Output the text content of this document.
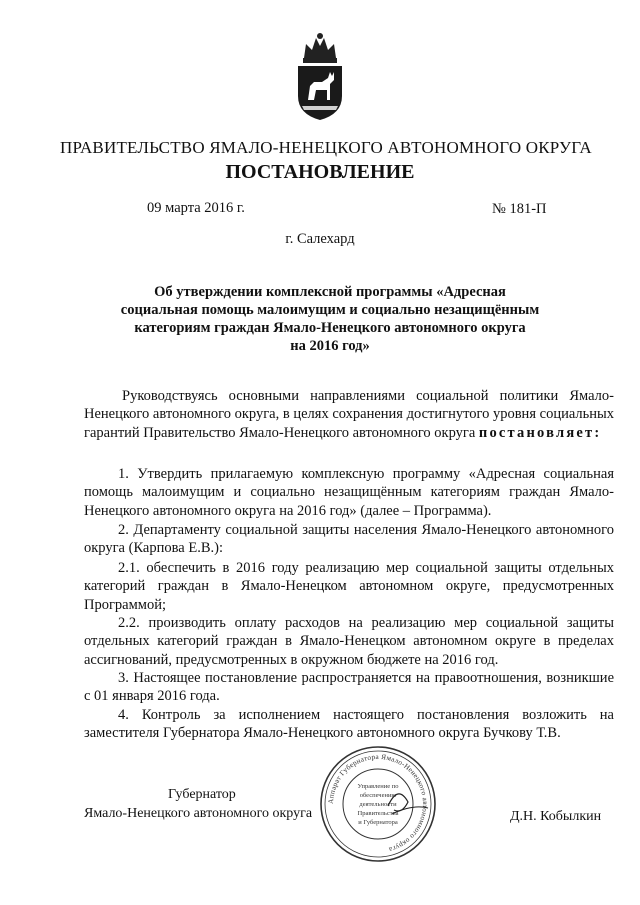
ПРАВИТЕЛЬСТВО ЯМАЛО-НЕНЕЦКОГО АВТОНОМНОГО ОКРУГА
ПОСТАНОВЛЕНИЕ
09 марта 2016 г.	№ 181-П
г. Салехард
Об утверждении комплексной программы «Адресная
социальная помощь малоимущим и социально незащищённым
категориям граждан Ямало-Ненецкого автономного округа
на 2016 год»
Руководствуясь основными направлениями социальной политики Ямало-Ненецкого автономного округа, в целях сохранения достигнутого уровня социальных гарантий Правительство Ямало-Ненецкого автономного округа постановляет:
1. Утвердить прилагаемую комплексную программу «Адресная социальная помощь малоимущим и социально незащищённым категориям граждан Ямало-Ненецкого автономного округа на 2016 год» (далее – Программа).
2. Департаменту социальной защиты населения Ямало-Ненецкого автономного округа (Карпова Е.В.):
2.1. обеспечить в 2016 году реализацию мер социальной защиты отдельных категорий граждан в Ямало-Ненецком автономном округе, предусмотренных Программой;
2.2. производить оплату расходов на реализацию мер социальной защиты отдельных категорий граждан в Ямало-Ненецком автономном округе в пределах ассигнований, предусмотренных в окружном бюджете на 2016 год.
3. Настоящее постановление распространяется на правоотношения, возникшие с 01 января 2016 года.
4. Контроль за исполнением настоящего постановления возложить на заместителя Губернатора Ямало-Ненецкого автономного округа Бучкову Т.В.
Губернатор
Ямало-Ненецкого автономного округа	Д.Н. Кобылкин
Аппарат Губернатора Ямало-Ненецкого автономного округа
Управление по
обеспечению
деятельности
Правительства
и Губернатора
